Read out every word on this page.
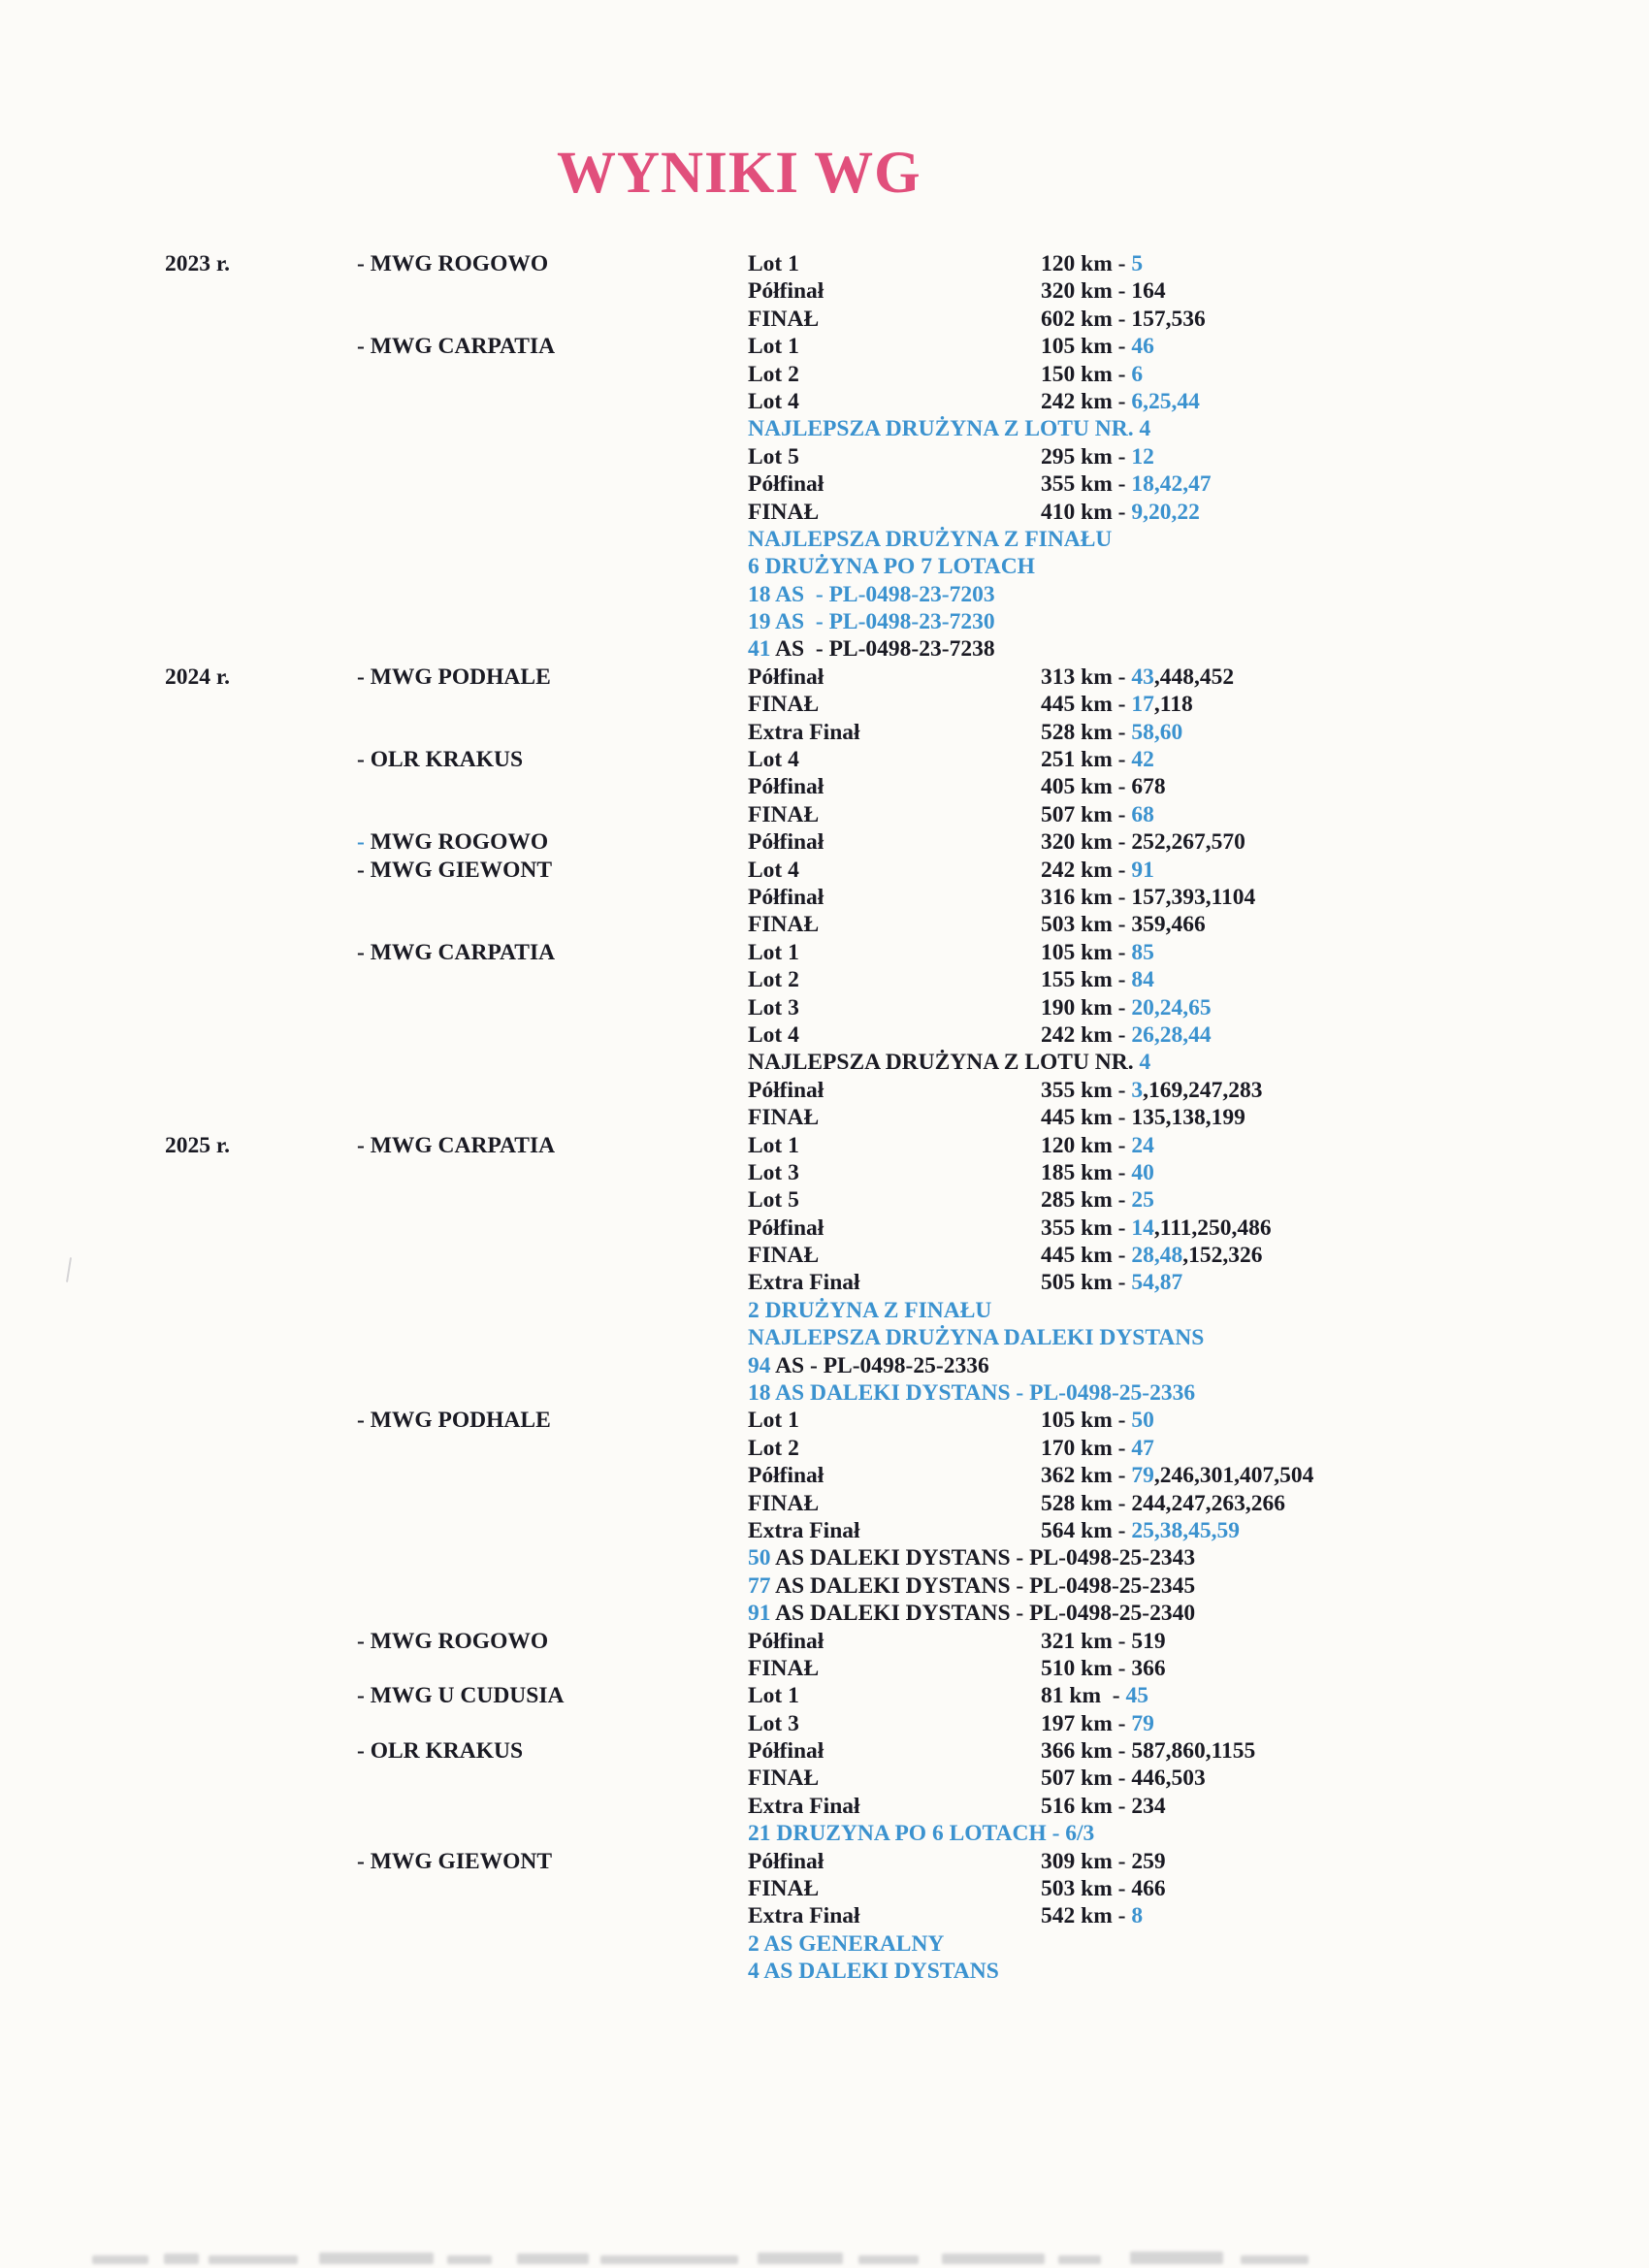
WYNIKI WG
2023 r.	- MWG ROGOWO	Lot 1	120 km - 5
Półfinał	320 km - 164
FINAŁ	602 km - 157,536
- MWG CARPATIA	Lot 1	105 km - 46
Lot 2	150 km - 6
Lot 4	242 km - 6,25,44
NAJLEPSZA DRUŻYNA Z LOTU NR. 4
Lot 5	295 km - 12
Półfinał	355 km - 18,42,47
FINAŁ	410 km - 9,20,22
NAJLEPSZA DRUŻYNA Z FINAŁU
6 DRUŻYNA PO 7 LOTACH
18 AS  - PL-0498-23-7203
19 AS  - PL-0498-23-7230
41 AS  - PL-0498-23-7238
2024 r.	- MWG PODHALE	Półfinał	313 km - 43,448,452
FINAŁ	445 km - 17,118
Extra Finał	528 km - 58,60
- OLR KRAKUS	Lot 4	251 km - 42
Półfinał	405 km - 678
FINAŁ	507 km - 68
- MWG ROGOWO	Półfinał	320 km - 252,267,570
- MWG GIEWONT	Lot 4	242 km - 91
Półfinał	316 km - 157,393,1104
FINAŁ	503 km - 359,466
- MWG CARPATIA	Lot 1	105 km - 85
Lot 2	155 km - 84
Lot 3	190 km - 20,24,65
Lot 4	242 km - 26,28,44
NAJLEPSZA DRUŻYNA Z LOTU NR. 4
Półfinał	355 km - 3,169,247,283
FINAŁ	445 km - 135,138,199
2025 r.	- MWG CARPATIA	Lot 1	120 km - 24
Lot 3	185 km - 40
Lot 5	285 km - 25
Półfinał	355 km - 14,111,250,486
FINAŁ	445 km - 28,48,152,326
Extra Finał	505 km - 54,87
2 DRUŻYNA Z FINAŁU
NAJLEPSZA DRUŻYNA DALEKI DYSTANS
94 AS - PL-0498-25-2336
18 AS DALEKI DYSTANS - PL-0498-25-2336
- MWG PODHALE	Lot 1	105 km - 50
Lot 2	170 km - 47
Półfinał	362 km - 79,246,301,407,504
FINAŁ	528 km - 244,247,263,266
Extra Finał	564 km - 25,38,45,59
50 AS DALEKI DYSTANS - PL-0498-25-2343
77 AS DALEKI DYSTANS - PL-0498-25-2345
91 AS DALEKI DYSTANS - PL-0498-25-2340
- MWG ROGOWO	Półfinał	321 km - 519
FINAŁ	510 km - 366
- MWG U CUDUSIA	Lot 1	81 km  - 45
Lot 3	197 km - 79
- OLR KRAKUS	Półfinał	366 km - 587,860,1155
FINAŁ	507 km - 446,503
Extra Finał	516 km - 234
21 DRUZYNA PO 6 LOTACH - 6/3
- MWG GIEWONT	Półfinał	309 km - 259
FINAŁ	503 km - 466
Extra Finał	542 km - 8
2 AS GENERALNY
4 AS DALEKI DYSTANS
